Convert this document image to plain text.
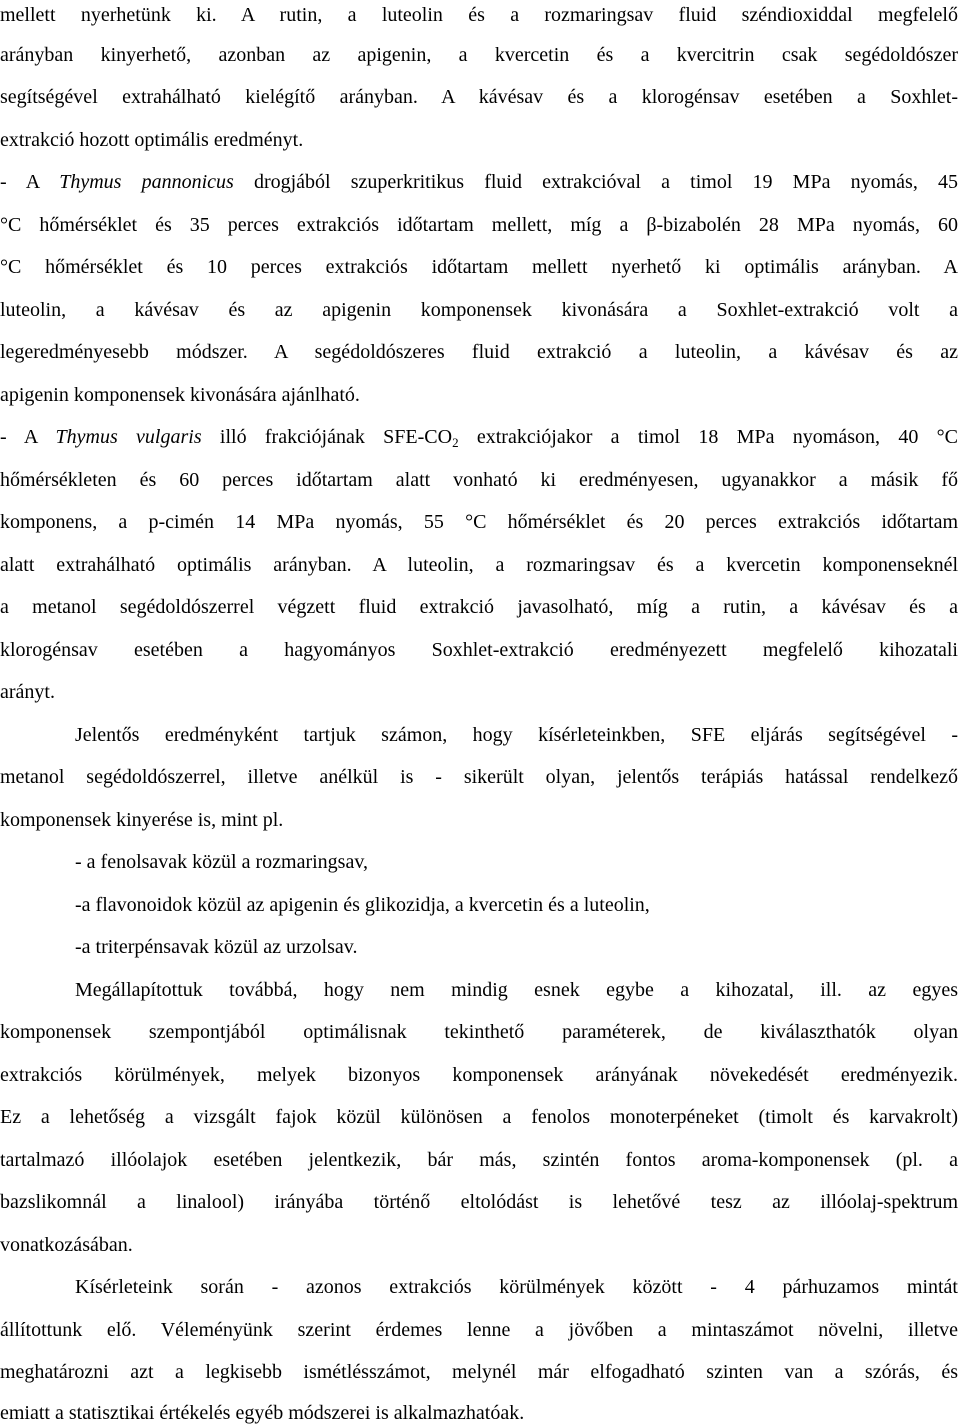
mellett nyerhetünk ki. A rutin, a luteolin és a rozmaringsav fluid széndioxiddal megfelelő
arányban kinyerhető, azonban az apigenin, a kvercetin és a kvercitrin csak segédoldószer
segítségével extrahálható kielégítő arányban. A kávésav és a klorogénsav esetében a Soxhlet-
extrakció hozott optimális eredményt.
- A Thymus pannonicus drogjából szuperkritikus fluid extrakcióval a timol 19 MPa nyomás, 45
°C hőmérséklet és 35 perces extrakciós időtartam mellett, míg a β-bizabolén 28 MPa nyomás, 60
°C hőmérséklet és 10 perces extrakciós időtartam mellett nyerhető ki optimális arányban. A
luteolin, a kávésav és az apigenin komponensek kivonására a Soxhlet-extrakció volt a
legeredményesebb módszer. A segédoldószeres fluid extrakció a luteolin, a kávésav és az
apigenin komponensek kivonására ajánlható.
- A Thymus vulgaris illó frakciójának SFE-$CO_2$ extrakciójakor a timol 18 MPa nyomáson, 40 °C
hőmérsékleten és 60 perces időtartam alatt vonható ki eredményesen, ugyanakkor a másik fő
komponens, a p-cimén 14 MPa nyomás, 55 °C hőmérséklet és 20 perces extrakciós időtartam
alatt extrahálható optimális arányban. A luteolin, a rozmaringsav és a kvercetin komponenseknél
a metanol segédoldószerrel végzett fluid extrakció javasolható, míg a rutin, a kávésav és a
klorogénsav esetében a hagyományos Soxhlet-extrakció eredményezett megfelelő kihozatali
arányt.
Jelentős eredményként tartjuk számon, hogy kísérleteinkben, SFE eljárás segítségével -
metanol segédoldószerrel, illetve anélkül is - sikerült olyan, jelentős terápiás hatással rendelkező
komponensek kinyerése is, mint pl.
- a fenolsavak közül a rozmaringsav,
-a flavonoidok közül az apigenin és glikozidja, a kvercetin és a luteolin,
-a triterpénsavak közül az urzolsav.
Megállapítottuk továbbá, hogy nem mindig esnek egybe a kihozatal, ill. az egyes
komponensek szempontjából optimálisnak tekinthető paraméterek, de kiválaszthatók olyan
extrakciós körülmények, melyek bizonyos komponensek arányának növekedését eredményezik.
Ez a lehetőség a vizsgált fajok közül különösen a fenolos monoterpéneket (timolt és karvakrolt)
tartalmazó illóolajok esetében jelentkezik, bár más, szintén fontos aroma-komponensek (pl. a
bazslikomnál a linalool) irányába történő eltolódást is lehetővé tesz az illóolaj-spektrum
vonatkozásában.
Kísérleteink során - azonos extrakciós körülmények között - 4 párhuzamos mintát
állítottunk elő. Véleményünk szerint érdemes lenne a jövőben a mintaszámot növelni, illetve
meghatározni azt a legkisebb ismétlésszámot, melynél már elfogadható szinten van a szórás, és
emiatt a statisztikai értékelés egyéb módszerei is alkalmazhatóak.
